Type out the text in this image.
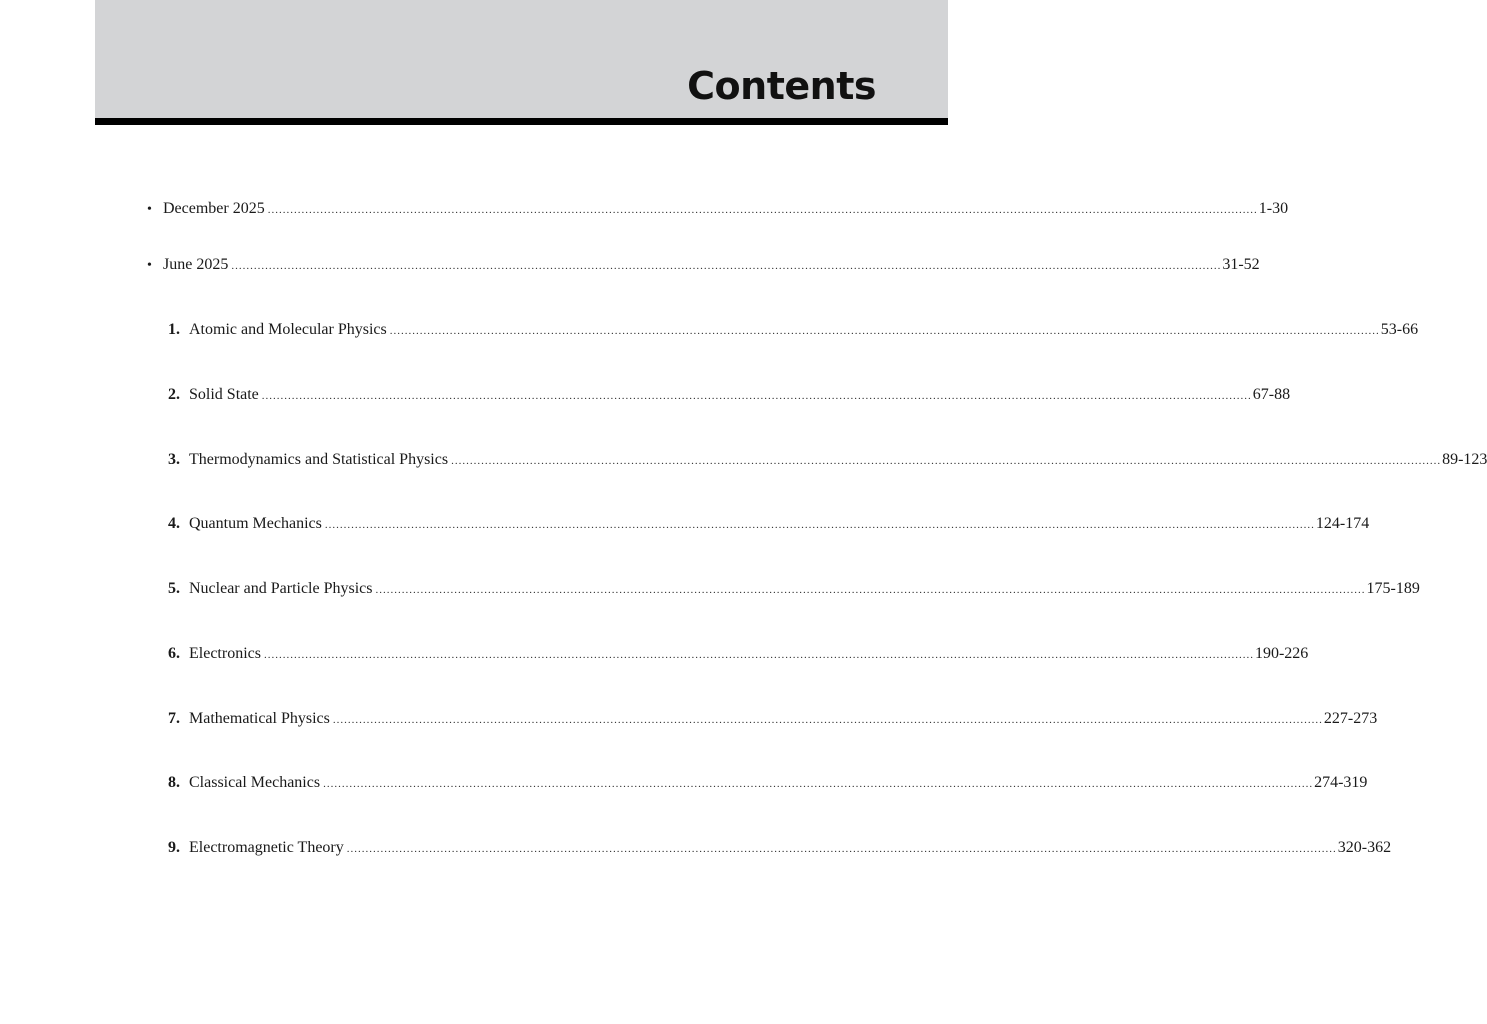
Contents
• December 2025 ........................................................................................................................................................................................................................................................................ 1-30
• June 2025 ........................................................................................................................................................................................................................................................................ 31-52
1. Atomic and Molecular Physics ........................................................................................................................................................................................................................................................................ 53-66
2. Solid State ........................................................................................................................................................................................................................................................................ 67-88
3. Thermodynamics and Statistical Physics ........................................................................................................................................................................................................................................................................ 89-123
4. Quantum Mechanics ........................................................................................................................................................................................................................................................................ 124-174
5. Nuclear and Particle Physics ........................................................................................................................................................................................................................................................................ 175-189
6. Electronics ........................................................................................................................................................................................................................................................................ 190-226
7. Mathematical Physics ........................................................................................................................................................................................................................................................................ 227-273
8. Classical Mechanics ........................................................................................................................................................................................................................................................................ 274-319
9. Electromagnetic Theory ........................................................................................................................................................................................................................................................................ 320-362
